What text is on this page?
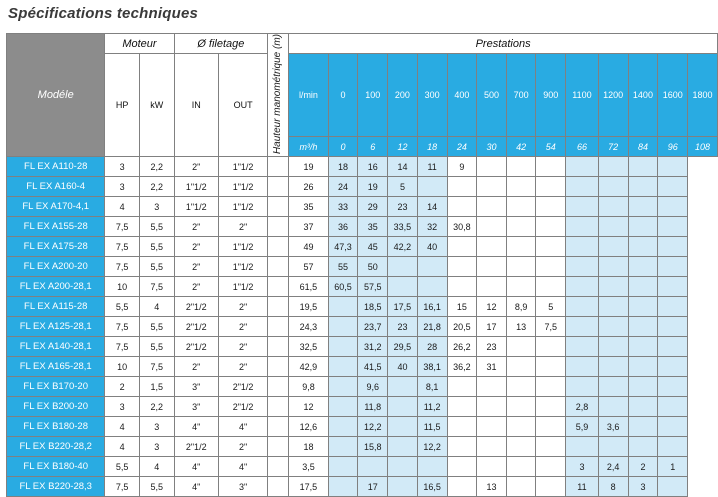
Spécifications techniques
Modéle	Moteur		Ø filetage		Hauteur manométrique (m)	Prestations													
	HP	kW	IN	OUT		l/min	0	100	200	300	400	500	700	900	1100	1200	1400	1600	1800
						m³/h	0	6	12	18	24	30	42	54	66	72	84	96	108
FL EX A110-28	3	2,2	2"	1"1/2		19	18	16	14	11	9								
FL EX A160-4	3	2,2	1"1/2	1"1/2		26	24	19	5										
FL EX A170-4,1	4	3	1"1/2	1"1/2		35	33	29	23	14									
FL EX A155-28	7,5	5,5	2"	2"		37	36	35	33,5	32	30,8								
FL EX A175-28	7,5	5,5	2"	1"1/2		49	47,3	45	42,2	40									
FL EX A200-20	7,5	5,5	2"	1"1/2		57	55	50											
FL EX A200-28,1	10	7,5	2"	1"1/2		61,5	60,5	57,5											
FL EX A115-28	5,5	4	2"1/2	2"		19,5		18,5	17,5	16,1	15	12	8,9	5					
FL EX A125-28,1	7,5	5,5	2"1/2	2"		24,3		23,7	23	21,8	20,5	17	13	7,5					
FL EX A140-28,1	7,5	5,5	2"1/2	2"		32,5		31,2	29,5	28	26,2	23							
FL EX A165-28,1	10	7,5	2"	2"		42,9		41,5	40	38,1	36,2	31							
FL EX B170-20	2	1,5	3"	2"1/2		9,8		9,6		8,1									
FL EX B200-20	3	2,2	3"	2"1/2		12		11,8		11,2					2,8				
FL EX B180-28	4	3	4"	4"		12,6		12,2		11,5					5,9	3,6			
FL EX B220-28,2	4	3	2"1/2	2"		18		15,8		12,2									
FL EX B180-40	5,5	4	4"	4"		3,5									3	2,4	2	1	
FL EX B220-28,3	7,5	5,5	4"	3"		17,5		17		16,5		13			11	8	3		
